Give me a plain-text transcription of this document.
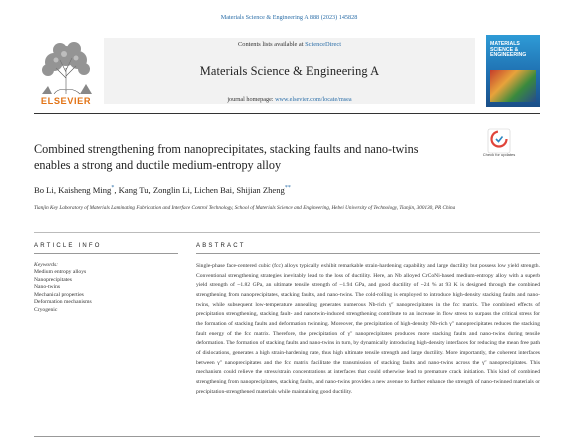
Materials Science & Engineering A 888 (2023) 145828
ELSEVIER
Contents lists available at ScienceDirect
Materials Science & Engineering A
journal homepage: www.elsevier.com/locate/msea
MATERIALS SCIENCE & ENGINEERING
Combined strengthening from nanoprecipitates, stacking faults and nano-twins enables a strong and ductile medium-entropy alloy
Check for updates
Bo Li, Kaisheng Ming*, Kang Tu, Zonglin Li, Lichen Bai, Shijian Zheng**
Tianjin Key Laboratory of Materials Laminating Fabrication and Interface Control Technology, School of Materials Science and Engineering, Hebei University of Technology, Tianjin, 300130, PR China
ARTICLE INFO	ABSTRACT
Keywords:
Medium entropy alloys
Nanoprecipitates
Nano-twins
Mechanical properties
Deformation mechanisms
Cryogenic
Single-phase face-centered cubic (fcc) alloys typically exhibit remarkable strain-hardening capability and large ductility but possess low yield strength. Conventional strengthening strategies inevitably lead to the loss of ductility. Here, an Nb alloyed CrCoNi-based medium-entropy alloy with a superb yield strength of ~1.82 GPa, an ultimate tensile strength of ~1.94 GPa, and good ductility of ~24 % at 93 K is designed through the combined strengthening from nanoprecipitates, stacking faults, and nano-twins. The cold-rolling is employed to introduce high-density stacking faults and nano-twins, while subsequent low-temperature annealing generates numerous Nb-rich γ″ nanoprecipitates in the fcc matrix. The combined effects of precipitation strengthening, stacking fault- and nanotwin-induced strengthening contribute to an increase in flow stress to surpass the critical stress for the formation of stacking faults and deformation twinning. Moreover, the precipitation of high-density Nb-rich γ″ nanoprecipitates reduces the stacking fault energy of the fcc matrix. Therefore, the precipitation of γ″ nanoprecipitates produces more stacking faults and nano-twins during tensile deformation. The formation of stacking faults and nano-twins in turn, by dynamically introducing high-density interfaces for reducing the mean free path of dislocations, generates a high strain-hardening rate, thus high ultimate tensile strength and large ductility. More importantly, the coherent interfaces between γ″ nanoprecipitates and the fcc matrix facilitate the transmission of stacking faults and nano-twins across the γ″ nanoprecipitates. This mechanism could relieve the stress/strain concentrations at interfaces that could otherwise lead to premature crack initiation. This kind of combined strengthening from nanoprecipitates, stacking faults, and nano-twins provides a new avenue to further enhance the strength of nano-twinned materials or precipitation-strengthened materials while maintaining good ductility.
